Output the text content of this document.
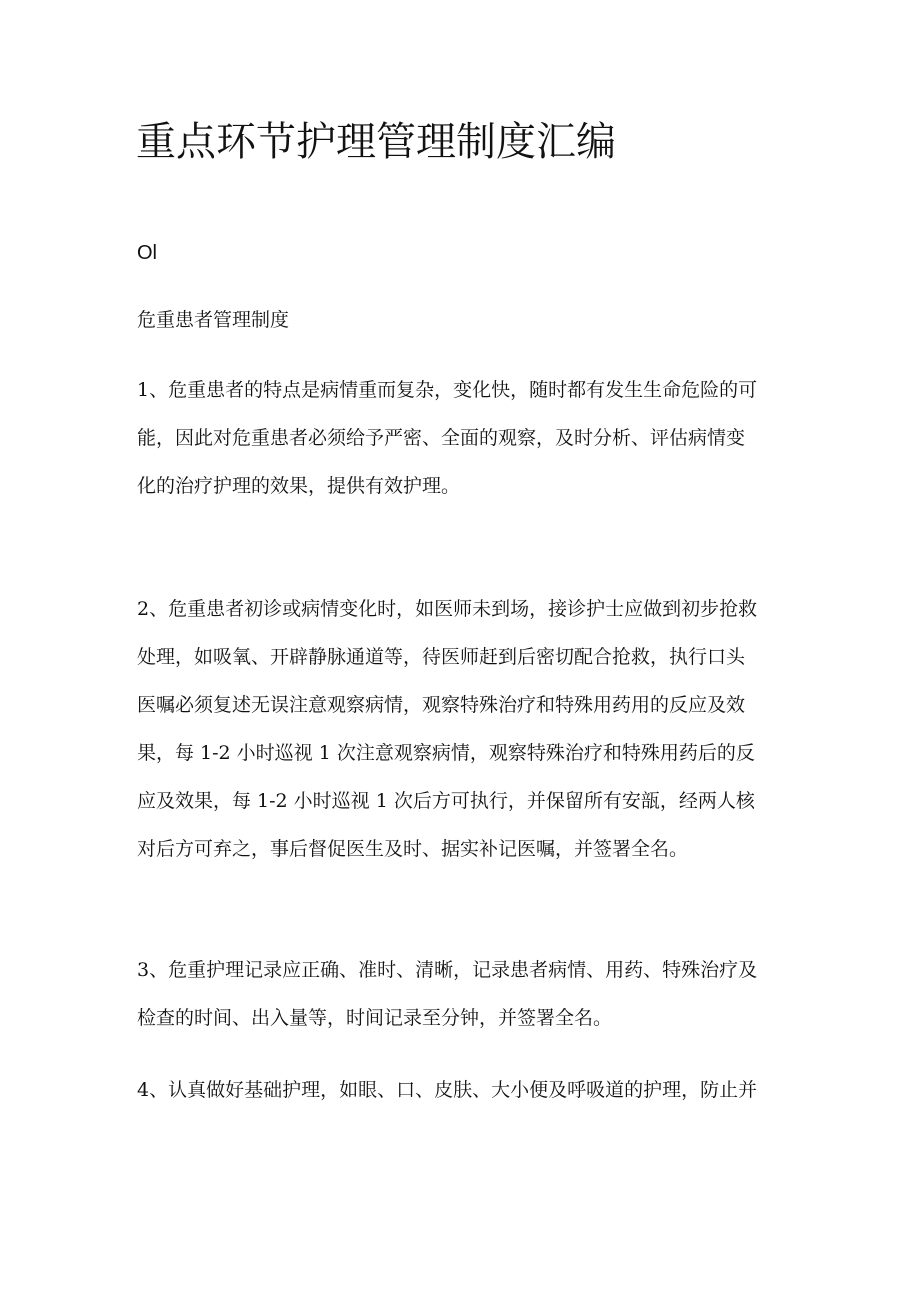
重点环节护理管理制度汇编
Ol
危重患者管理制度
1、危重患者的特点是病情重而复杂，变化快，随时都有发生生命危险的可
能，因此对危重患者必须给予严密、全面的观察，及时分析、评估病情变
化的治疗护理的效果，提供有效护理。
2、危重患者初诊或病情变化时，如医师未到场，接诊护士应做到初步抢救
处理，如吸氧、开辟静脉通道等，待医师赶到后密切配合抢救，执行口头
医嘱必须复述无误注意观察病情，观察特殊治疗和特殊用药用的反应及效
果，每 1-2 小时巡视 1 次注意观察病情，观察特殊治疗和特殊用药后的反
应及效果，每 1-2 小时巡视 1 次后方可执行，并保留所有安瓿，经两人核
对后方可弃之，事后督促医生及时、据实补记医嘱，并签署全名。
3、危重护理记录应正确、准时、清晰，记录患者病情、用药、特殊治疗及
检查的时间、出入量等，时间记录至分钟，并签署全名。
4、认真做好基础护理，如眼、口、皮肤、大小便及呼吸道的护理，防止并
